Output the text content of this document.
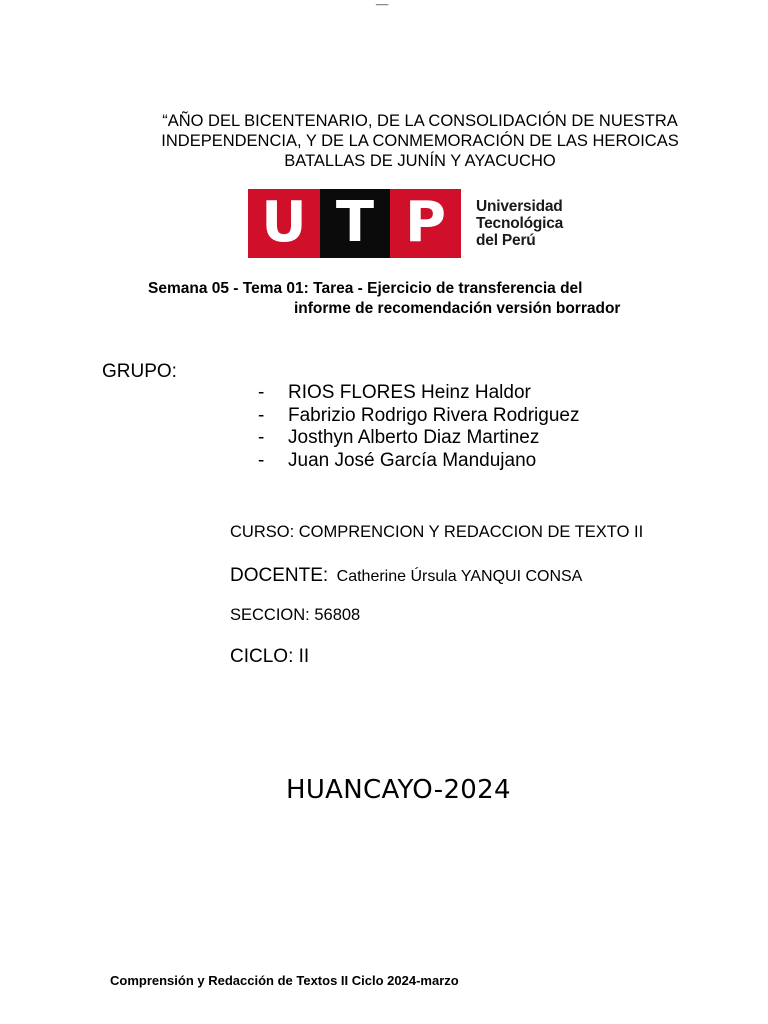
__
“AÑO DEL BICENTENARIO, DE LA CONSOLIDACIÓN DE NUESTRA
INDEPENDENCIA, Y DE LA CONMEMORACIÓN DE LAS HEROICAS
BATALLAS DE JUNÍN Y AYACUCHO
U T P	Universidad
Tecnológica
del Perú
Semana 05 - Tema 01: Tarea - Ejercicio de transferencia del
informe de recomendación versión borrador
GRUPO:
- RIOS FLORES Heinz Haldor
- Fabrizio Rodrigo Rivera Rodriguez
- Josthyn Alberto Diaz Martinez
- Juan José García Mandujano
CURSO: COMPRENCION Y REDACCION DE TEXTO II
DOCENTE: Catherine Úrsula YANQUI CONSA
SECCION: 56808
CICLO: II
HUANCAYO-2024
Comprensión y Redacción de Textos II Ciclo 2024-marzo
